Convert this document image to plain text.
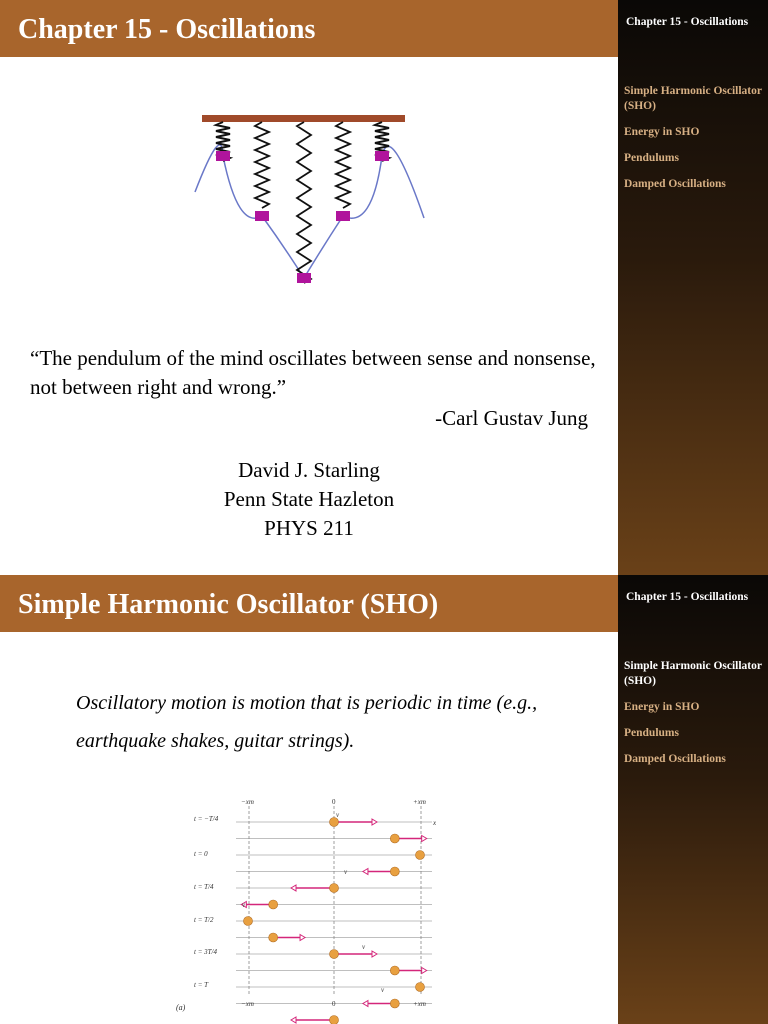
Chapter 15 - Oscillations	Chapter 15 - Oscillations
Simple Harmonic Oscillator (SHO)
Energy in SHO
Pendulums
Damped Oscillations
“The pendulum of the mind oscillates between sense and nonsense, not between right and wrong.”
-Carl Gustav Jung
David J. Starling
Penn State Hazleton
PHYS 211
Simple Harmonic Oscillator (SHO)	Chapter 15 - Oscillations
Simple Harmonic Oscillator (SHO)
Energy in SHO
Pendulums
Damped Oscillations
Oscillatory motion is motion that is periodic in time (e.g., earthquake shakes, guitar strings).
−xm	0	+xm
x
t = −T/4
t = 0
t = T/4
t = T/2
t = 3T/4
t = T
v
v
v
v
v
−xm	0	+xm
(a)
